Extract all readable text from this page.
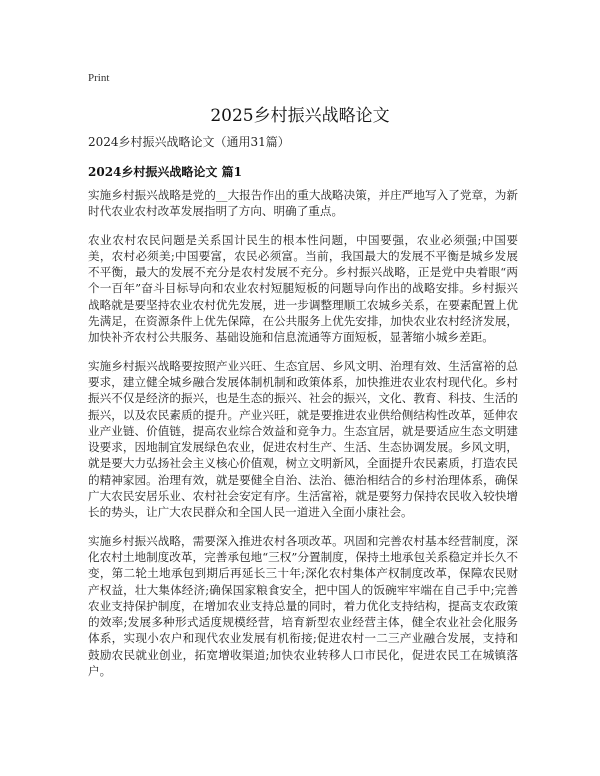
Print
2025乡村振兴战略论文
2024乡村振兴战略论文（通用31篇）
2024乡村振兴战略论文 篇1

实施乡村振兴战略是党的__大报告作出的重大战略决策，并庄严地写入了党章，为新时代农业农村改革发展指明了方向、明确了重点。

农业农村农民问题是关系国计民生的根本性问题，中国要强，农业必须强;中国要美，农村必须美;中国要富，农民必须富。当前，我国最大的发展不平衡是城乡发展不平衡，最大的发展不充分是农村发展不充分。乡村振兴战略，正是党中央着眼“两个一百年”奋斗目标导向和农业农村短腿短板的问题导向作出的战略安排。乡村振兴战略就是要坚持农业农村优先发展，进一步调整理顺工农城乡关系，在要素配置上优先满足，在资源条件上优先保障，在公共服务上优先安排，加快农业农村经济发展，加快补齐农村公共服务、基础设施和信息流通等方面短板，显著缩小城乡差距。

实施乡村振兴战略要按照产业兴旺、生态宜居、乡风文明、治理有效、生活富裕的总要求，建立健全城乡融合发展体制机制和政策体系，加快推进农业农村现代化。乡村振兴不仅是经济的振兴，也是生态的振兴、社会的振兴，文化、教育、科技、生活的振兴，以及农民素质的提升。产业兴旺，就是要推进农业供给侧结构性改革，延伸农业产业链、价值链，提高农业综合效益和竞争力。生态宜居，就是要适应生态文明建设要求，因地制宜发展绿色农业，促进农村生产、生活、生态协调发展。乡风文明，就是要大力弘扬社会主义核心价值观，树立文明新风，全面提升农民素质，打造农民的精神家园。治理有效，就是要健全自治、法治、德治相结合的乡村治理体系，确保广大农民安居乐业、农村社会安定有序。生活富裕，就是要努力保持农民收入较快增长的势头，让广大农民群众和全国人民一道进入全面小康社会。

实施乡村振兴战略，需要深入推进农村各项改革。巩固和完善农村基本经营制度，深化农村土地制度改革，完善承包地“三权”分置制度，保持土地承包关系稳定并长久不变，第二轮土地承包到期后再延长三十年;深化农村集体产权制度改革，保障农民财产权益，壮大集体经济;确保国家粮食安全，把中国人的饭碗牢牢端在自己手中;完善农业支持保护制度，在增加农业支持总量的同时，着力优化支持结构，提高支农政策的效率;发展多种形式适度规模经营，培育新型农业经营主体，健全农业社会化服务体系，实现小农户和现代农业发展有机衔接;促进农村一二三产业融合发展，支持和鼓励农民就业创业，拓宽增收渠道;加快农业转移人口市民化，促进农民工在城镇落户。
